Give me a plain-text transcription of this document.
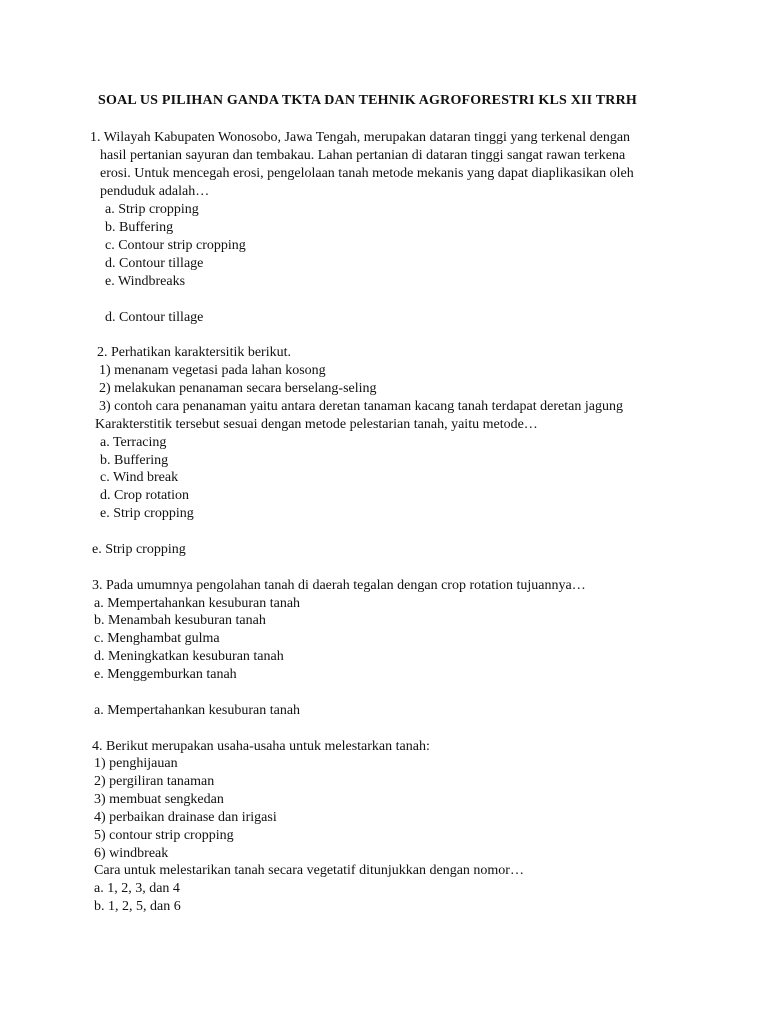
SOAL US PILIHAN GANDA TKTA DAN TEHNIK AGROFORESTRI KLS XII TRRH
1. Wilayah Kabupaten Wonosobo, Jawa Tengah, merupakan dataran tinggi yang terkenal dengan
hasil pertanian sayuran dan tembakau. Lahan pertanian di dataran tinggi sangat rawan terkena
erosi. Untuk mencegah erosi, pengelolaan tanah metode mekanis yang dapat diaplikasikan oleh
penduduk adalah…
a. Strip cropping
b. Buffering
c. Contour strip cropping
d. Contour tillage
e. Windbreaks
d. Contour tillage
2. Perhatikan karaktersitik berikut.
1) menanam vegetasi pada lahan kosong
2) melakukan penanaman secara berselang-seling
3) contoh cara penanaman yaitu antara deretan tanaman kacang tanah terdapat deretan jagung
Karakterstitik tersebut sesuai dengan metode pelestarian tanah, yaitu metode…
a. Terracing
b. Buffering
c. Wind break
d. Crop rotation
e. Strip cropping
e. Strip cropping
3. Pada umumnya pengolahan tanah di daerah tegalan dengan crop rotation tujuannya…
a. Mempertahankan kesuburan tanah
b. Menambah kesuburan tanah
c. Menghambat gulma
d. Meningkatkan kesuburan tanah
e. Menggemburkan tanah
a. Mempertahankan kesuburan tanah
4. Berikut merupakan usaha-usaha untuk melestarkan tanah:
1) penghijauan
2) pergiliran tanaman
3) membuat sengkedan
4) perbaikan drainase dan irigasi
5) contour strip cropping
6) windbreak
Cara untuk melestarikan tanah secara vegetatif ditunjukkan dengan nomor…
a. 1, 2, 3, dan 4
b. 1, 2, 5, dan 6
